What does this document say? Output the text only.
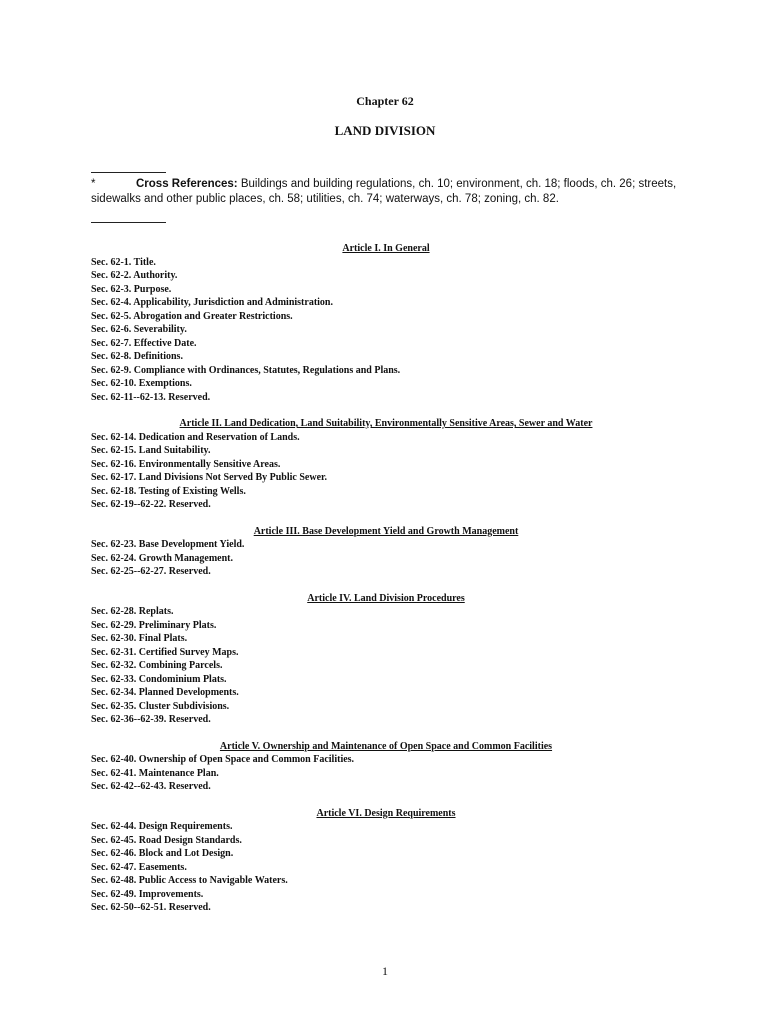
Chapter 62
LAND DIVISION
*	Cross References: Buildings and building regulations, ch. 10; environment, ch. 18; floods, ch. 26; streets, sidewalks and other public places, ch. 58; utilities, ch. 74; waterways, ch. 78; zoning, ch. 82.
Article I. In General
Sec. 62-1. Title.
Sec. 62-2. Authority.
Sec. 62-3. Purpose.
Sec. 62-4. Applicability, Jurisdiction and Administration.
Sec. 62-5. Abrogation and Greater Restrictions.
Sec. 62-6. Severability.
Sec. 62-7. Effective Date.
Sec. 62-8. Definitions.
Sec. 62-9. Compliance with Ordinances, Statutes, Regulations and Plans.
Sec. 62-10. Exemptions.
Sec. 62-11--62-13. Reserved.
Article II. Land Dedication, Land Suitability, Environmentally Sensitive Areas, Sewer and Water
Sec. 62-14. Dedication and Reservation of Lands.
Sec. 62-15. Land Suitability.
Sec. 62-16. Environmentally Sensitive Areas.
Sec. 62-17. Land Divisions Not Served By Public Sewer.
Sec. 62-18. Testing of Existing Wells.
Sec. 62-19--62-22. Reserved.
Article III. Base Development Yield and Growth Management
Sec. 62-23. Base Development Yield.
Sec. 62-24. Growth Management.
Sec. 62-25--62-27. Reserved.
Article IV. Land Division Procedures
Sec. 62-28. Replats.
Sec. 62-29. Preliminary Plats.
Sec. 62-30. Final Plats.
Sec. 62-31. Certified Survey Maps.
Sec. 62-32. Combining Parcels.
Sec. 62-33. Condominium Plats.
Sec. 62-34. Planned Developments.
Sec. 62-35. Cluster Subdivisions.
Sec. 62-36--62-39. Reserved.
Article V. Ownership and Maintenance of Open Space and Common Facilities
Sec. 62-40. Ownership of Open Space and Common Facilities.
Sec. 62-41. Maintenance Plan.
Sec. 62-42--62-43. Reserved.
Article VI. Design Requirements
Sec. 62-44. Design Requirements.
Sec. 62-45. Road Design Standards.
Sec. 62-46. Block and Lot Design.
Sec. 62-47. Easements.
Sec. 62-48. Public Access to Navigable Waters.
Sec. 62-49. Improvements.
Sec. 62-50--62-51. Reserved.
1
